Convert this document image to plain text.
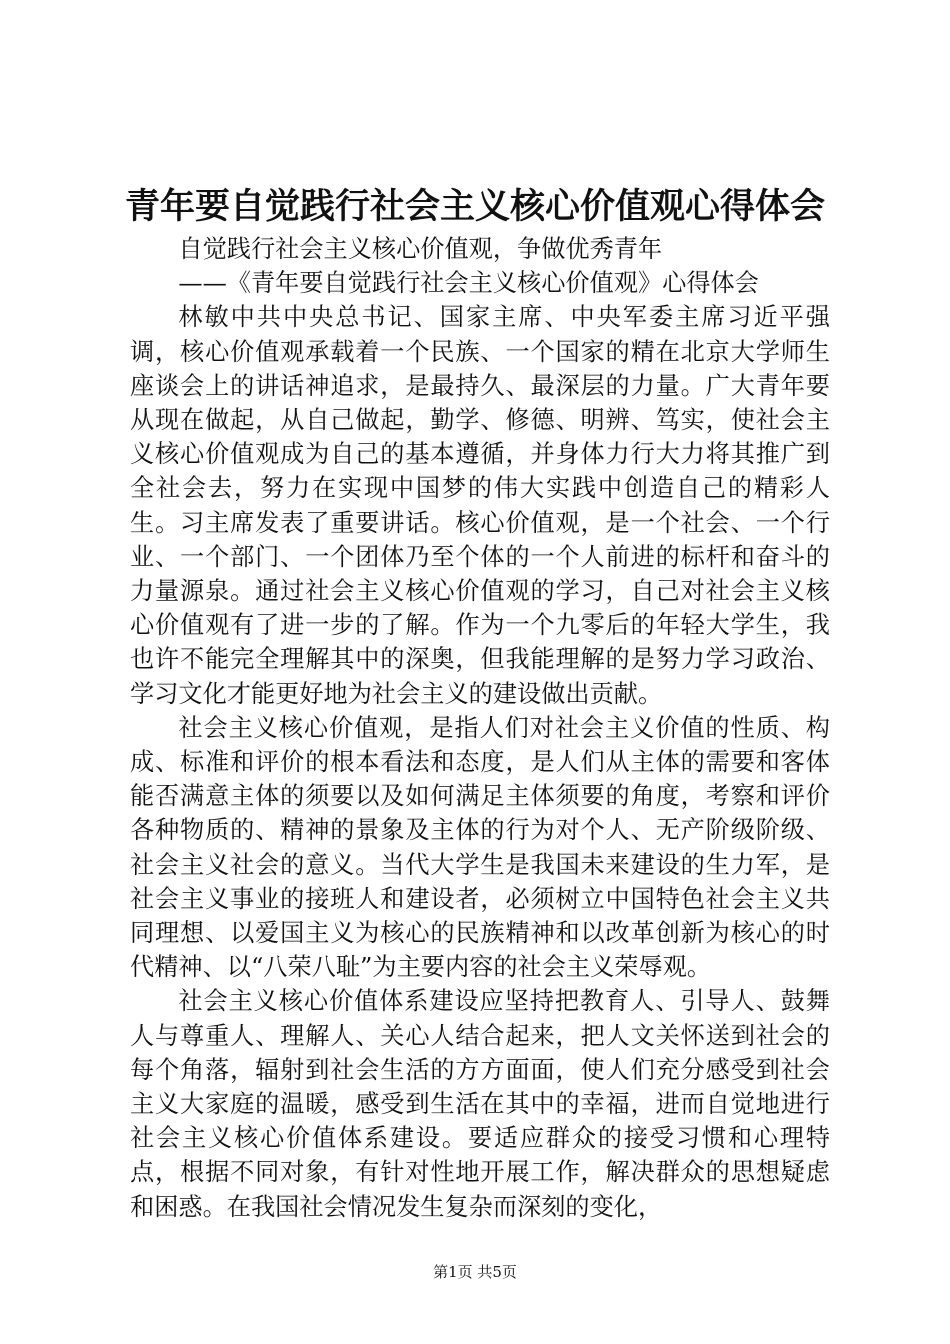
青年要自觉践行社会主义核心价值观心得体会

自觉践行社会主义核心价值观，争做优秀青年

——《青年要自觉践行社会主义核心价值观》心得体会

林敏中共中央总书记、国家主席、中央军委主席习近平强调，核心价值观承载着一个民族、一个国家的精在北京大学师生座谈会上的讲话神追求，是最持久、最深层的力量。广大青年要从现在做起，从自己做起，勤学、修德、明辨、笃实，使社会主义核心价值观成为自己的基本遵循，并身体力行大力将其推广到全社会去，努力在实现中国梦的伟大实践中创造自己的精彩人生。习主席发表了重要讲话。核心价值观，是一个社会、一个行业、一个部门、一个团体乃至个体的一个人前进的标杆和奋斗的力量源泉。通过社会主义核心价值观的学习，自己对社会主义核心价值观有了进一步的了解。作为一个九零后的年轻大学生，我也许不能完全理解其中的深奥，但我能理解的是努力学习政治、学习文化才能更好地为社会主义的建设做出贡献。

社会主义核心价值观，是指人们对社会主义价值的性质、构成、标准和评价的根本看法和态度，是人们从主体的需要和客体能否满意主体的须要以及如何满足主体须要的角度，考察和评价各种物质的、精神的景象及主体的行为对个人、无产阶级阶级、社会主义社会的意义。当代大学生是我国未来建设的生力军，是社会主义事业的接班人和建设者，必须树立中国特色社会主义共同理想、以爱国主义为核心的民族精神和以改革创新为核心的时代精神、以“八荣八耻”为主要内容的社会主义荣辱观。

社会主义核心价值体系建设应坚持把教育人、引导人、鼓舞人与尊重人、理解人、关心人结合起来，把人文关怀送到社会的每个角落，辐射到社会生活的方方面面，使人们充分感受到社会主义大家庭的温暖，感受到生活在其中的幸福，进而自觉地进行社会主义核心价值体系建设。要适应群众的接受习惯和心理特点，根据不同对象，有针对性地开展工作，解决群众的思想疑虑和困惑。在我国社会情况发生复杂而深刻的变化，

第1页 共5页
